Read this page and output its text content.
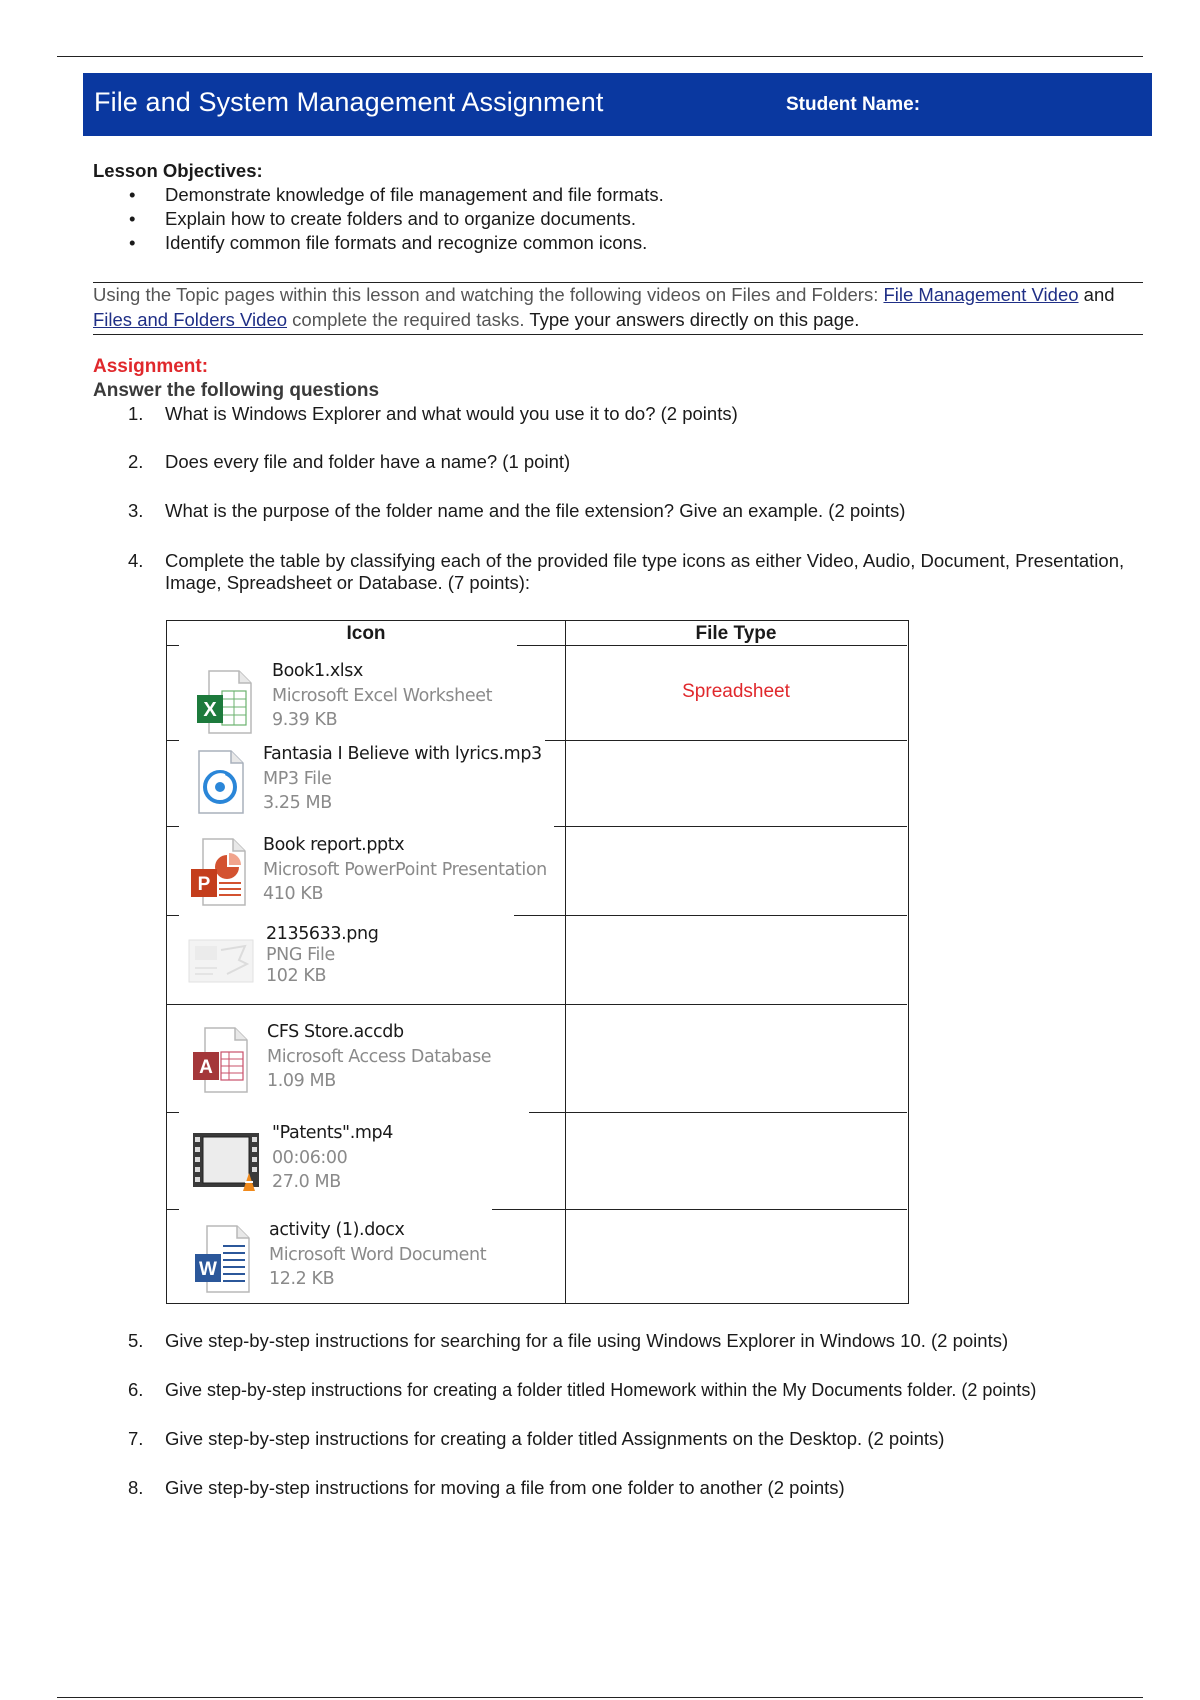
File and System Management Assignment	Student Name:
Lesson Objectives:
• Demonstrate knowledge of file management and file formats.
• Explain how to create folders and to organize documents.
• Identify common file formats and recognize common icons.
Using the Topic pages within this lesson and watching the following videos on Files and Folders: File Management Video and Files and Folders Video complete the required tasks. Type your answers directly on this page.
Assignment:
Answer the following questions
1. What is Windows Explorer and what would you use it to do? (2 points)
2. Does every file and folder have a name? (1 point)
3. What is the purpose of the folder name and the file extension? Give an example. (2 points)
4. Complete the table by classifying each of the provided file type icons as either Video, Audio, Document, Presentation, Image, Spreadsheet or Database. (7 points):
Icon	File Type
X
Book1.xlsx
Microsoft Excel Worksheet
9.39 KB
Spreadsheet
Fantasia I Believe with lyrics.mp3
MP3 File
3.25 MB
P
Book report.pptx
Microsoft PowerPoint Presentation
410 KB
2135633.png
PNG File
102 KB
A
CFS Store.accdb
Microsoft Access Database
1.09 MB
"Patents".mp4
00:06:00
27.0 MB
W
activity (1).docx
Microsoft Word Document
12.2 KB
5. Give step-by-step instructions for searching for a file using Windows Explorer in Windows 10. (2 points)
6. Give step-by-step instructions for creating a folder titled Homework within the My Documents folder. (2 points)
7. Give step-by-step instructions for creating a folder titled Assignments on the Desktop. (2 points)
8. Give step-by-step instructions for moving a file from one folder to another (2 points)
